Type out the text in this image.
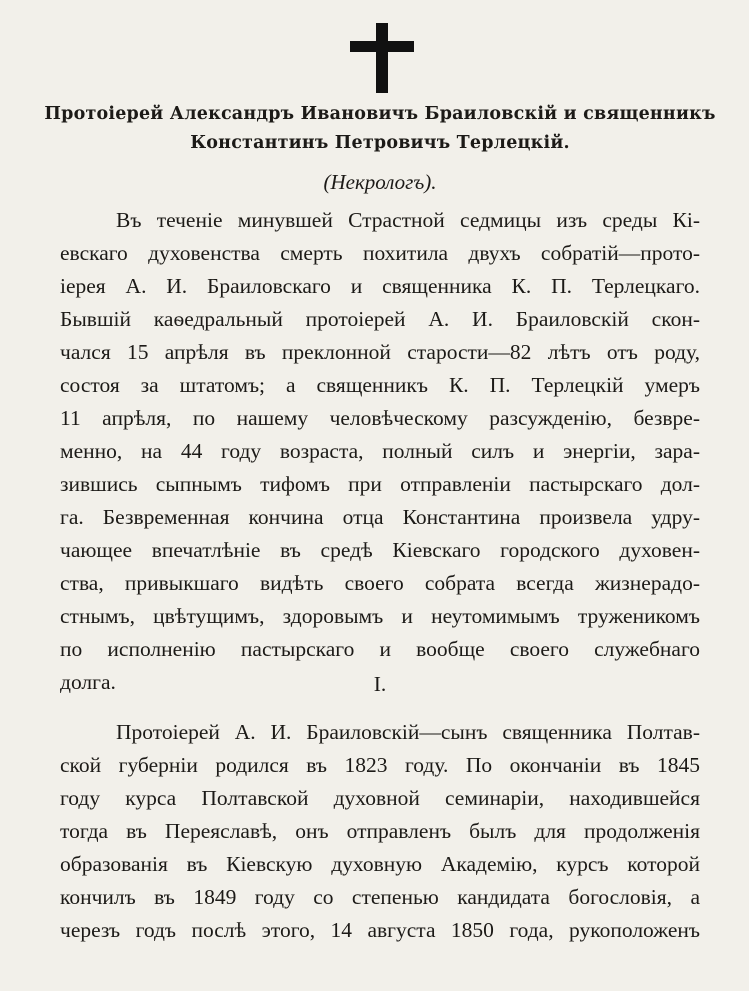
Протоіерей Александръ Ивановичъ Браиловскій и священникъ
Константинъ Петровичъ Терлецкій.
(Некрологъ).
Въ теченіе минувшей Страстной седмицы изъ среды Кі-
евскаго духовенства смерть похитила двухъ собратій—прото-
іерея А. И. Браиловскаго и священника К. П. Терлецкаго.
Бывшій каѳедральный протоіерей А. И. Браиловскій скон-
чался 15 апрѣля въ преклонной старости—82 лѣтъ отъ роду,
состоя за штатомъ; а священникъ К. П. Терлецкій умеръ
11 апрѣля, по нашему человѣческому разсужденію, безвре-
менно, на 44 году возраста, полный силъ и энергіи, зара-
зившись сыпнымъ тифомъ при отправленіи пастырскаго дол-
га. Безвременная кончина отца Константина произвела удру-
чающее впечатлѣніе въ средѣ Кіевскаго городского духовен-
ства, привыкшаго видѣть своего собрата всегда жизнерадо-
стнымъ, цвѣтущимъ, здоровымъ и неутомимымъ труженикомъ
по исполненію пастырскаго и вообще своего служебнаго
долга.	I.
Протоіерей А. И. Браиловскій—сынъ священника Полтав-
ской губерніи родился въ 1823 году. По окончаніи въ 1845
году курса Полтавской духовной семинаріи, находившейся
тогда въ Переяславѣ, онъ отправленъ былъ для продолженія
образованія въ Кіевскую духовную Академію, курсъ которой
кончилъ въ 1849 году со степенью кандидата богословія, а
черезъ годъ послѣ этого, 14 августа 1850 года, рукоположенъ
